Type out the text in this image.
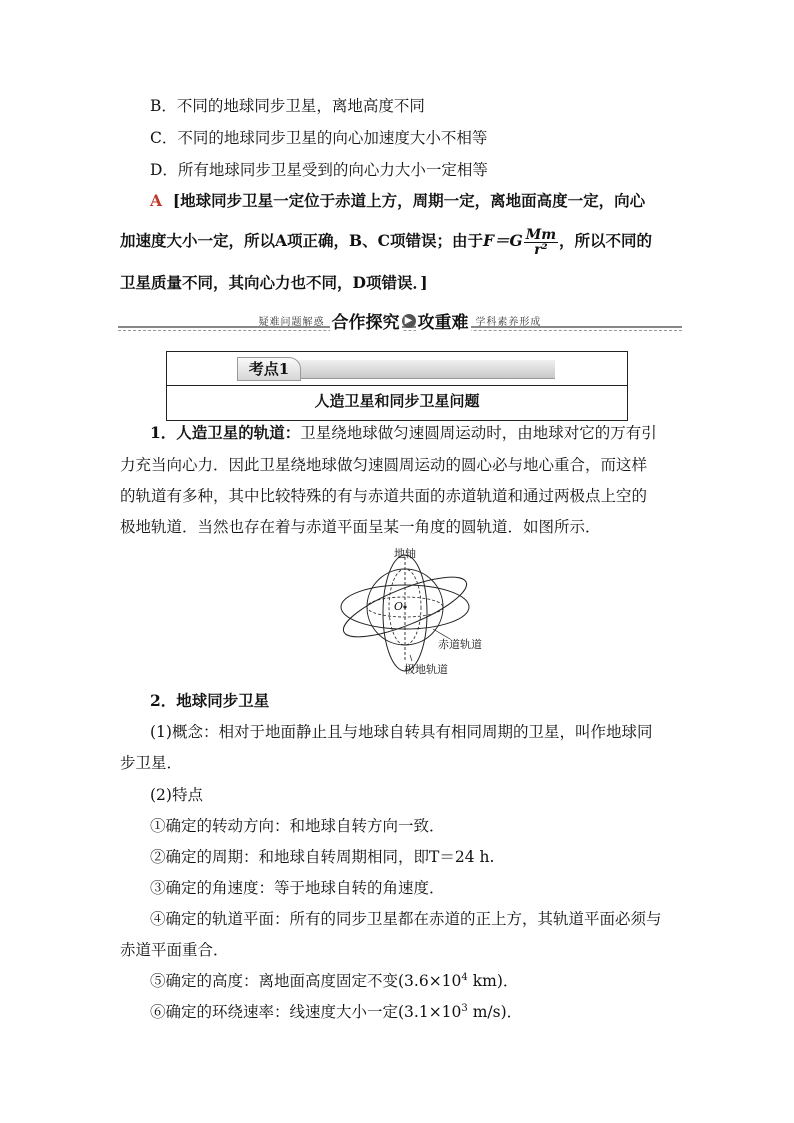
B．不同的地球同步卫星，离地高度不同
C．不同的地球同步卫星的向心加速度大小不相等
D．所有地球同步卫星受到的向心力大小一定相等
A [地球同步卫星一定位于赤道上方，周期一定，离地面高度一定，向心
加速度大小一定，所以A项正确，B、C项错误；由于$F=G \frac{Mm}{\text{r²}}$ ，所以不同的
卫星质量不同，其向心力也不同，D项错误．]
疑难问题解惑 合作探究 ▶ 攻重难 学科素养形成
考点1
人造卫星和同步卫星问题
1．人造卫星的轨道：卫星绕地球做匀速圆周运动时，由地球对它的万有引
力充当向心力．因此卫星绕地球做匀速圆周运动的圆心必与地心重合，而这样
的轨道有多种，其中比较特殊的有与赤道共面的赤道轨道和通过两极点上空的
极地轨道．当然也存在着与赤道平面呈某一角度的圆轨道．如图所示．
地轴
O
赤道轨道
极地轨道
2．地球同步卫星
(1)概念：相对于地面静止且与地球自转具有相同周期的卫星，叫作地球同
步卫星．
(2)特点
①确定的转动方向：和地球自转方向一致．
②确定的周期：和地球自转周期相同，即T＝24 h.
③确定的角速度：等于地球自转的角速度．
④确定的轨道平面：所有的同步卫星都在赤道的正上方，其轨道平面必须与
赤道平面重合．
⑤确定的高度：离地面高度固定不变($3.6\times 10^4$ km)．
⑥确定的环绕速率：线速度大小一定($3.1\times 10^3$ m/s)．
